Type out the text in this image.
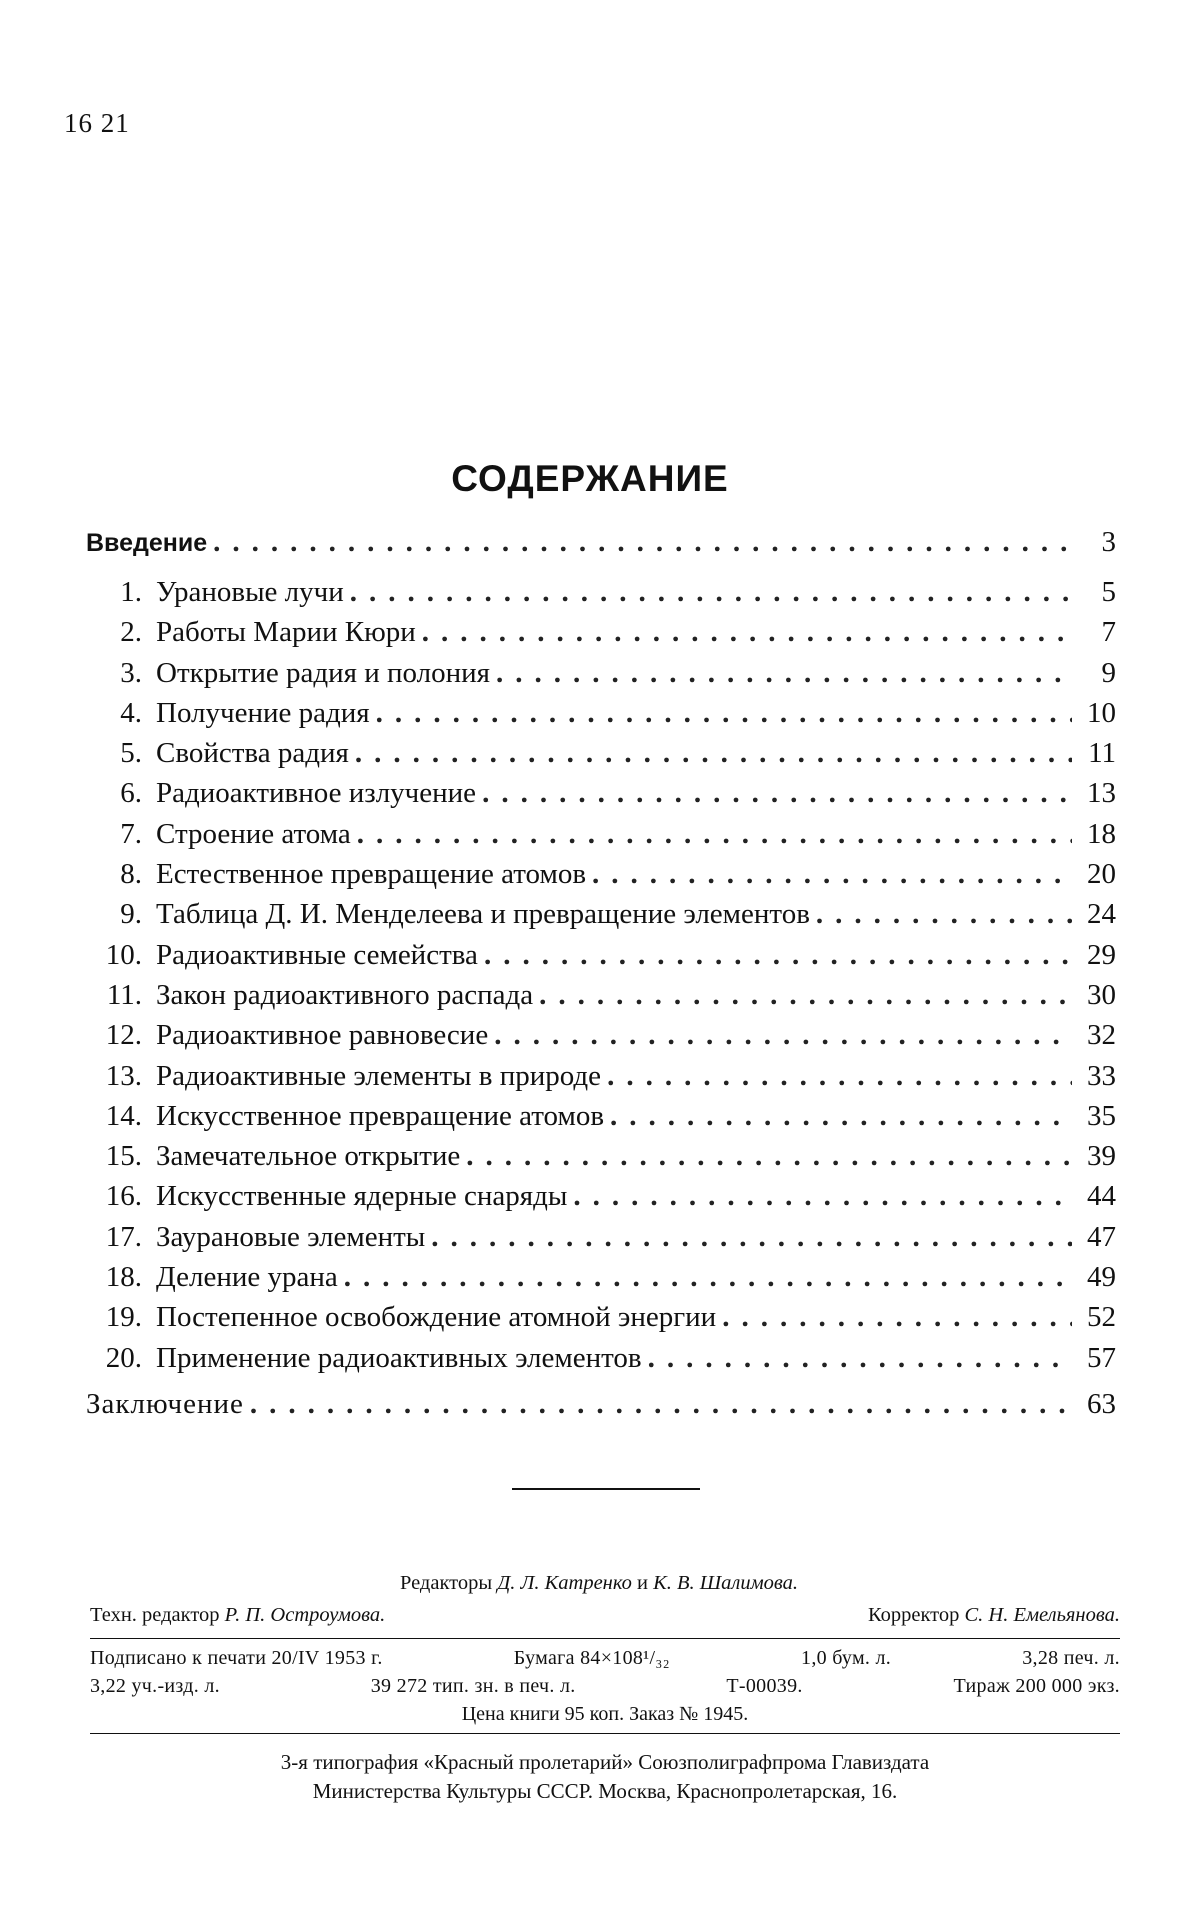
16 21
СОДЕРЖАНИЕ
Введение .....	3
1. Урановые лучи .....	5
2. Работы Марии Кюри .....	7
3. Открытие радия и полония .....	9
4. Получение радия .....	10
5. Свойства радия .....	11
6. Радиоактивное излучение .....	13
7. Строение атома .....	18
8. Естественное превращение атомов .....	20
9. Таблица Д. И. Менделеева и превращение элементов .....	24
10. Радиоактивные семейства .....	29
11. Закон радиоактивного распада .....	30
12. Радиоактивное равновесие .....	32
13. Радиоактивные элементы в природе .....	33
14. Искусственное превращение атомов .....	35
15. Замечательное открытие .....	39
16. Искусственные ядерные снаряды .....	44
17. Заурановые элементы .....	47
18. Деление урана .....	49
19. Постепенное освобождение атомной энергии .....	52
20. Применение радиоактивных элементов .....	57
Заключение .....	63
Редакторы Д. Л. Катренко и К. В. Шалимова.
Техн. редактор Р. П. Остроумова.	Корректор С. Н. Емельянова.
Подписано к печати 20/IV 1953 г.	Бумага 84×108¹/₃₂	1,0 бум. л.	3,28 печ. л.
3,22 уч.-изд. л.	39 272 тип. зн. в печ. л.	Т-00039.	Тираж 200 000 экз.
Цена книги 95 коп. Заказ № 1945.
3-я типография «Красный пролетарий» Союзполиграфпрома Главиздата
Министерства Культуры СССР. Москва, Краснопролетарская, 16.
